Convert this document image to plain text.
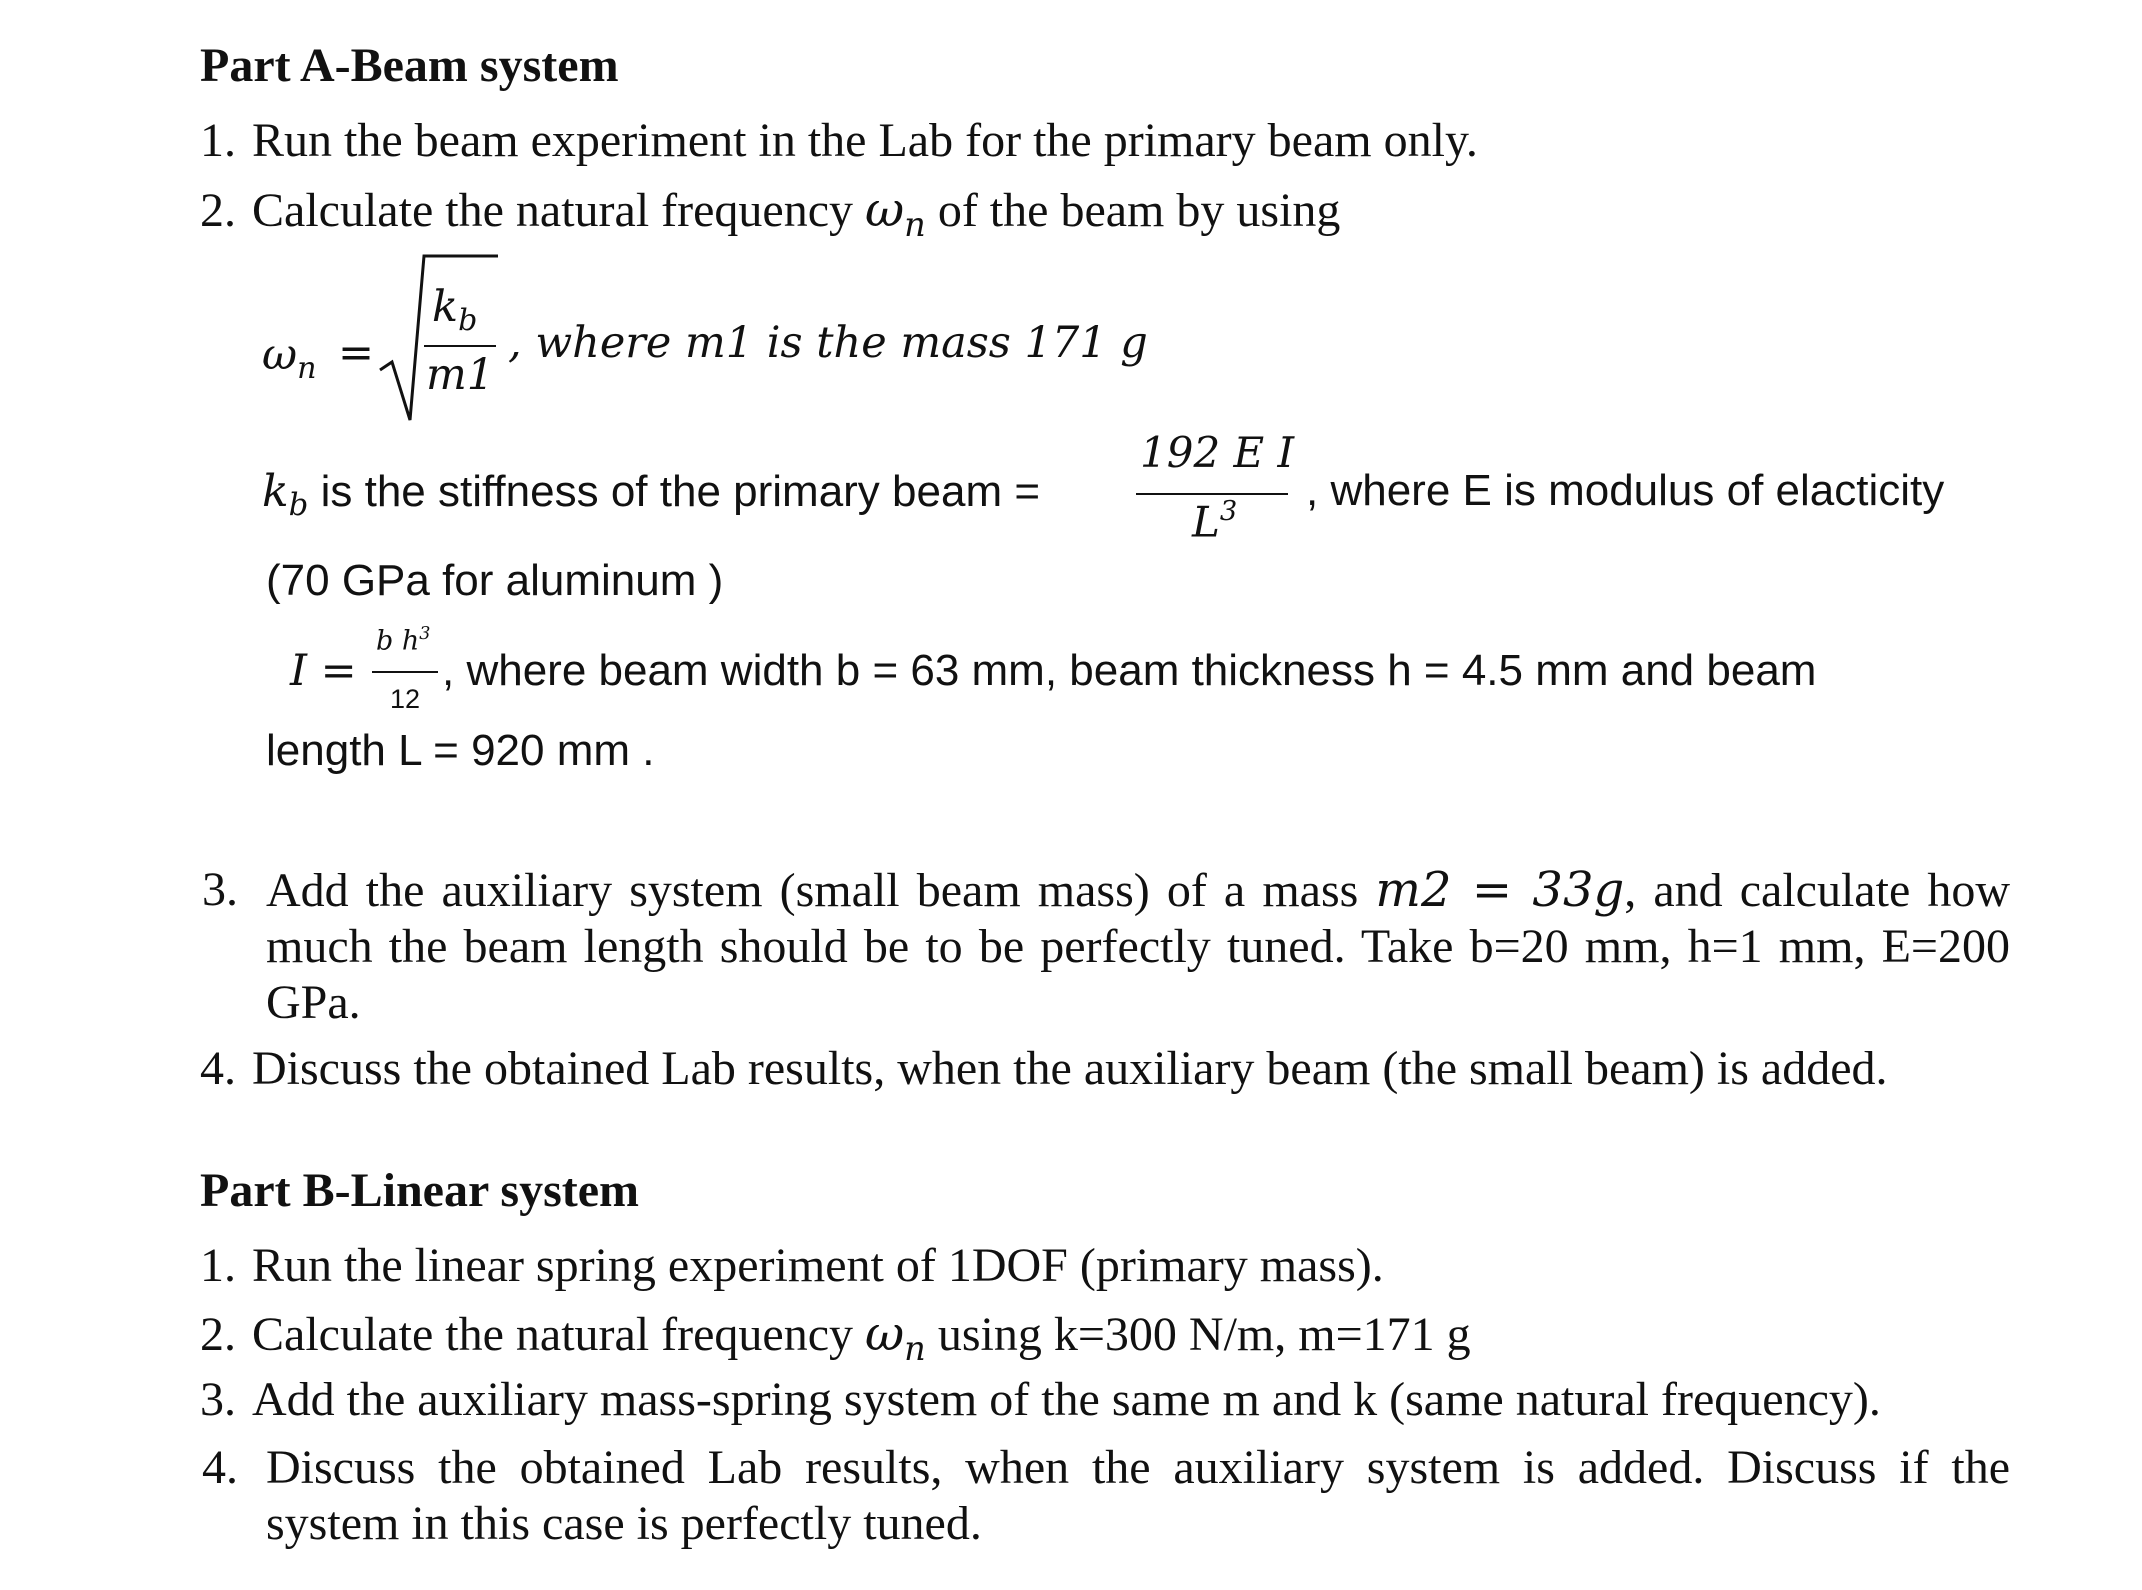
Part A-Beam system
1. Run the beam experiment in the Lab for the primary beam only.
2. Calculate the natural frequency $\omega_n$ of the beam by using
$\omega_n$ =
$k_b$
m1
, where m1 is the mass 171 g
$k_b$ is the stiffness of the primary beam =
192 E I
$L^3$ , where E is modulus of elacticity
(70 GPa for aluminum )
I =
b $h^3$
12
, where beam width b = 63 mm, beam thickness h = 4.5 mm and beam
length L = 920 mm .
3. Add the auxiliary system (small beam mass) of a mass m2 = 33g, and calculate how much the beam length should be to be perfectly tuned. Take b=20 mm, h=1 mm, E=200 GPa.
4. Discuss the obtained Lab results, when the auxiliary beam (the small beam) is added.
Part B-Linear system
1. Run the linear spring experiment of 1DOF (primary mass).
2. Calculate the natural frequency $\omega_n$ using k=300 N/m, m=171 g
3. Add the auxiliary mass-spring system of the same m and k (same natural frequency).
4. Discuss the obtained Lab results, when the auxiliary system is added. Discuss if the system in this case is perfectly tuned.
